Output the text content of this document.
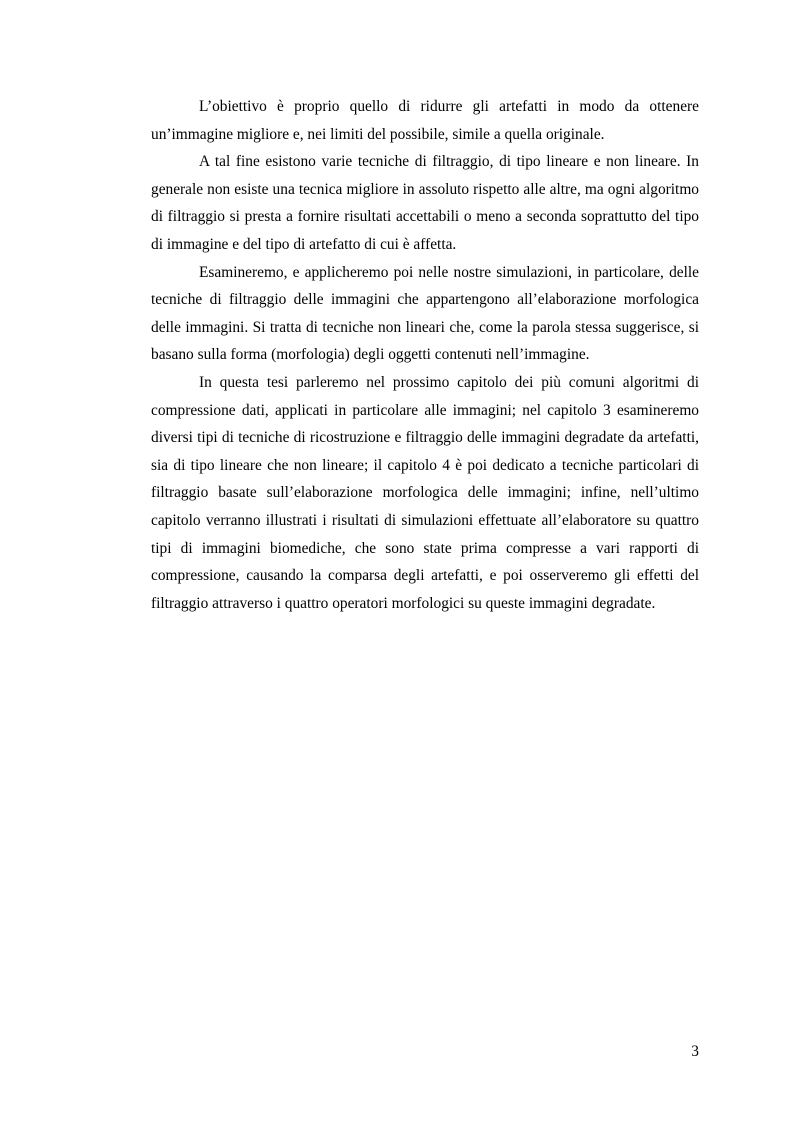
L’obiettivo è proprio quello di ridurre gli artefatti in modo da ottenere un’immagine migliore e, nei limiti del possibile, simile a quella originale.

A tal fine esistono varie tecniche di filtraggio, di tipo lineare e non lineare. In generale non esiste una tecnica migliore in assoluto rispetto alle altre, ma ogni algoritmo di filtraggio si presta a fornire risultati accettabili o meno a seconda soprattutto del tipo di immagine e del tipo di artefatto di cui è affetta.

Esamineremo, e applicheremo poi nelle nostre simulazioni, in particolare, delle tecniche di filtraggio delle immagini che appartengono all’elaborazione morfologica delle immagini. Si tratta di tecniche non lineari che, come la parola stessa suggerisce, si basano sulla forma (morfologia) degli oggetti contenuti nell’immagine.

In questa tesi parleremo nel prossimo capitolo dei più comuni algoritmi di compressione dati, applicati in particolare alle immagini; nel capitolo 3 esamineremo diversi tipi di tecniche di ricostruzione e filtraggio delle immagini degradate da artefatti, sia di tipo lineare che non lineare; il capitolo 4 è poi dedicato a tecniche particolari di filtraggio basate sull’elaborazione morfologica delle immagini; infine, nell’ultimo capitolo verranno illustrati i risultati di simulazioni effettuate all’elaboratore su quattro tipi di immagini biomediche, che sono state prima compresse a vari rapporti di compressione, causando la comparsa degli artefatti, e poi osserveremo gli effetti del filtraggio attraverso i quattro operatori morfologici su queste immagini degradate.

3
